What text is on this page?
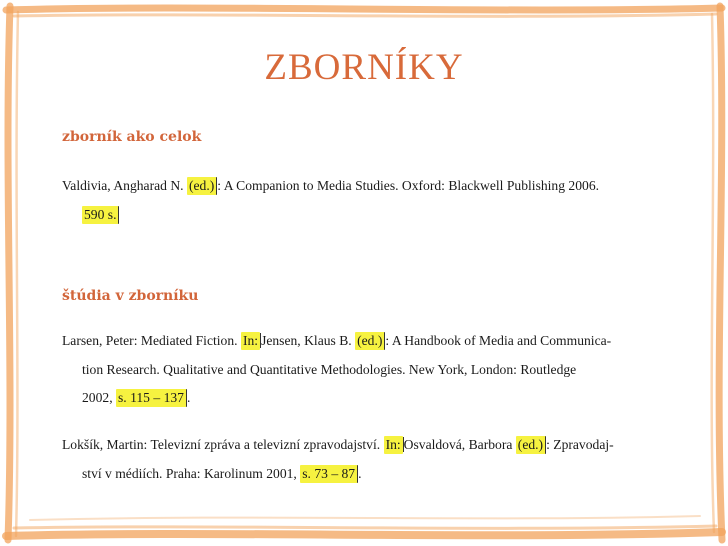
ZBORNÍKY
zborník ako celok
Valdivia, Angharad N. (ed.) : A Companion to Media Studies. Oxford: Blackwell Publishing 2006.
590 s.
štúdia v zborníku
Larsen, Peter: Mediated Fiction. In: Jensen, Klaus B. (ed.) : A Handbook of Media and Communica-
tion Research. Qualitative and Quantitative Methodologies. New York, London: Routledge
2002, s. 115 – 137 .
Lokšík, Martin: Televizní zpráva a televizní zpravodajství. In: Osvaldová, Barbora (ed.) : Zpravodaj-
ství v médiích. Praha: Karolinum 2001, s. 73 – 87 .
